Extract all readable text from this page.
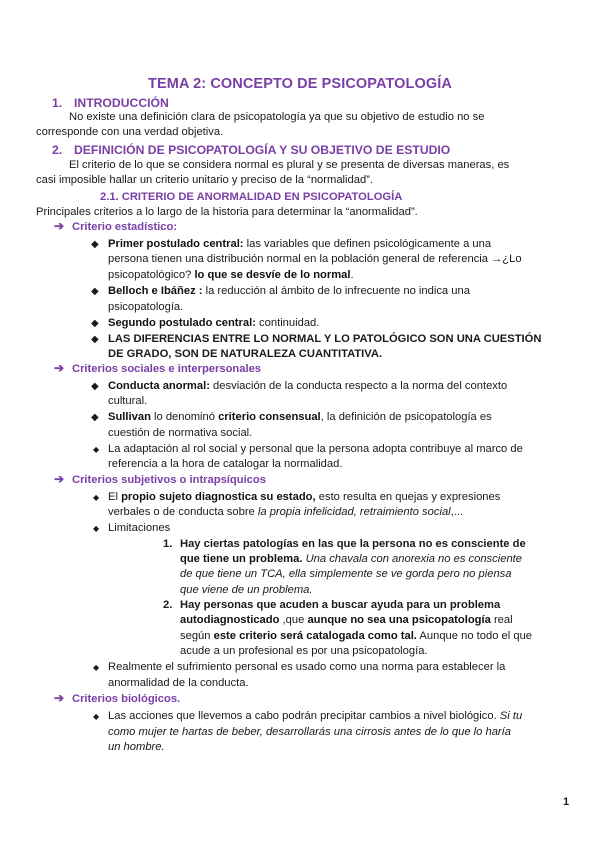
TEMA 2: CONCEPTO DE PSICOPATOLOGÍA
1. INTRODUCCIÓN
No existe una definición clara de psicopatología ya que su objetivo de estudio no se
corresponde con una verdad objetiva.
2. DEFINICIÓN DE PSICOPATOLOGÍA Y SU OBJETIVO DE ESTUDIO
El criterio de lo que se considera normal es plural y se presenta de diversas maneras, es
casi imposible hallar un criterio unitario y preciso de la “normalidad”.
2.1. CRITERIO DE ANORMALIDAD EN PSICOPATOLOGÍA
Principales criterios a lo largo de la historia para determinar la “anormalidad”.
➔ Criterio estadístico:
◆ Primer postulado central: las variables que definen psicológicamente a una
persona tienen una distribución normal en la población general de referencia →¿Lo
psicopatológico? lo que se desvíe de lo normal.
◆ Belloch e Ibáñez : la reducción al ámbito de lo infrecuente no indica una
psicopatología.
◆ Segundo postulado central: continuidad.
◆ LAS DIFERENCIAS ENTRE LO NORMAL Y LO PATOLÓGICO SON UNA CUESTIÓN
DE GRADO, SON DE NATURALEZA CUANTITATIVA.
➔ Criterios sociales e interpersonales
◆ Conducta anormal: desviación de la conducta respecto a la norma del contexto
cultural.
◆ Sullivan lo denominó criterio consensual, la definición de psicopatología es
cuestión de normativa social.
◆ La adaptación al rol social y personal que la persona adopta contribuye al marco de
referencia a la hora de catalogar la normalidad.
➔ Criterios subjetivos o intrapsíquicos
◆ El propio sujeto diagnostica su estado, esto resulta en quejas y expresiones
verbales o de conducta sobre la propia infelicidad, retraimiento social,...
◆ Limitaciones
1. Hay ciertas patologías en las que la persona no es consciente de
que tiene un problema. Una chavala con anorexia no es consciente
de que tiene un TCA, ella simplemente se ve gorda pero no piensa
que viene de un problema.
2. Hay personas que acuden a buscar ayuda para un problema
autodiagnosticado ,que aunque no sea una psicopatología real
según este criterio será catalogada como tal. Aunque no todo el que
acude a un profesional es por una psicopatología.
◆ Realmente el sufrimiento personal es usado como una norma para establecer la
anormalidad de la conducta.
➔ Criterios biológicos.
◆ Las acciones que llevemos a cabo podrán precipitar cambios a nivel biológico. Si tu
como mujer te hartas de beber, desarrollarás una cirrosis antes de lo que lo haría
un hombre.
1
